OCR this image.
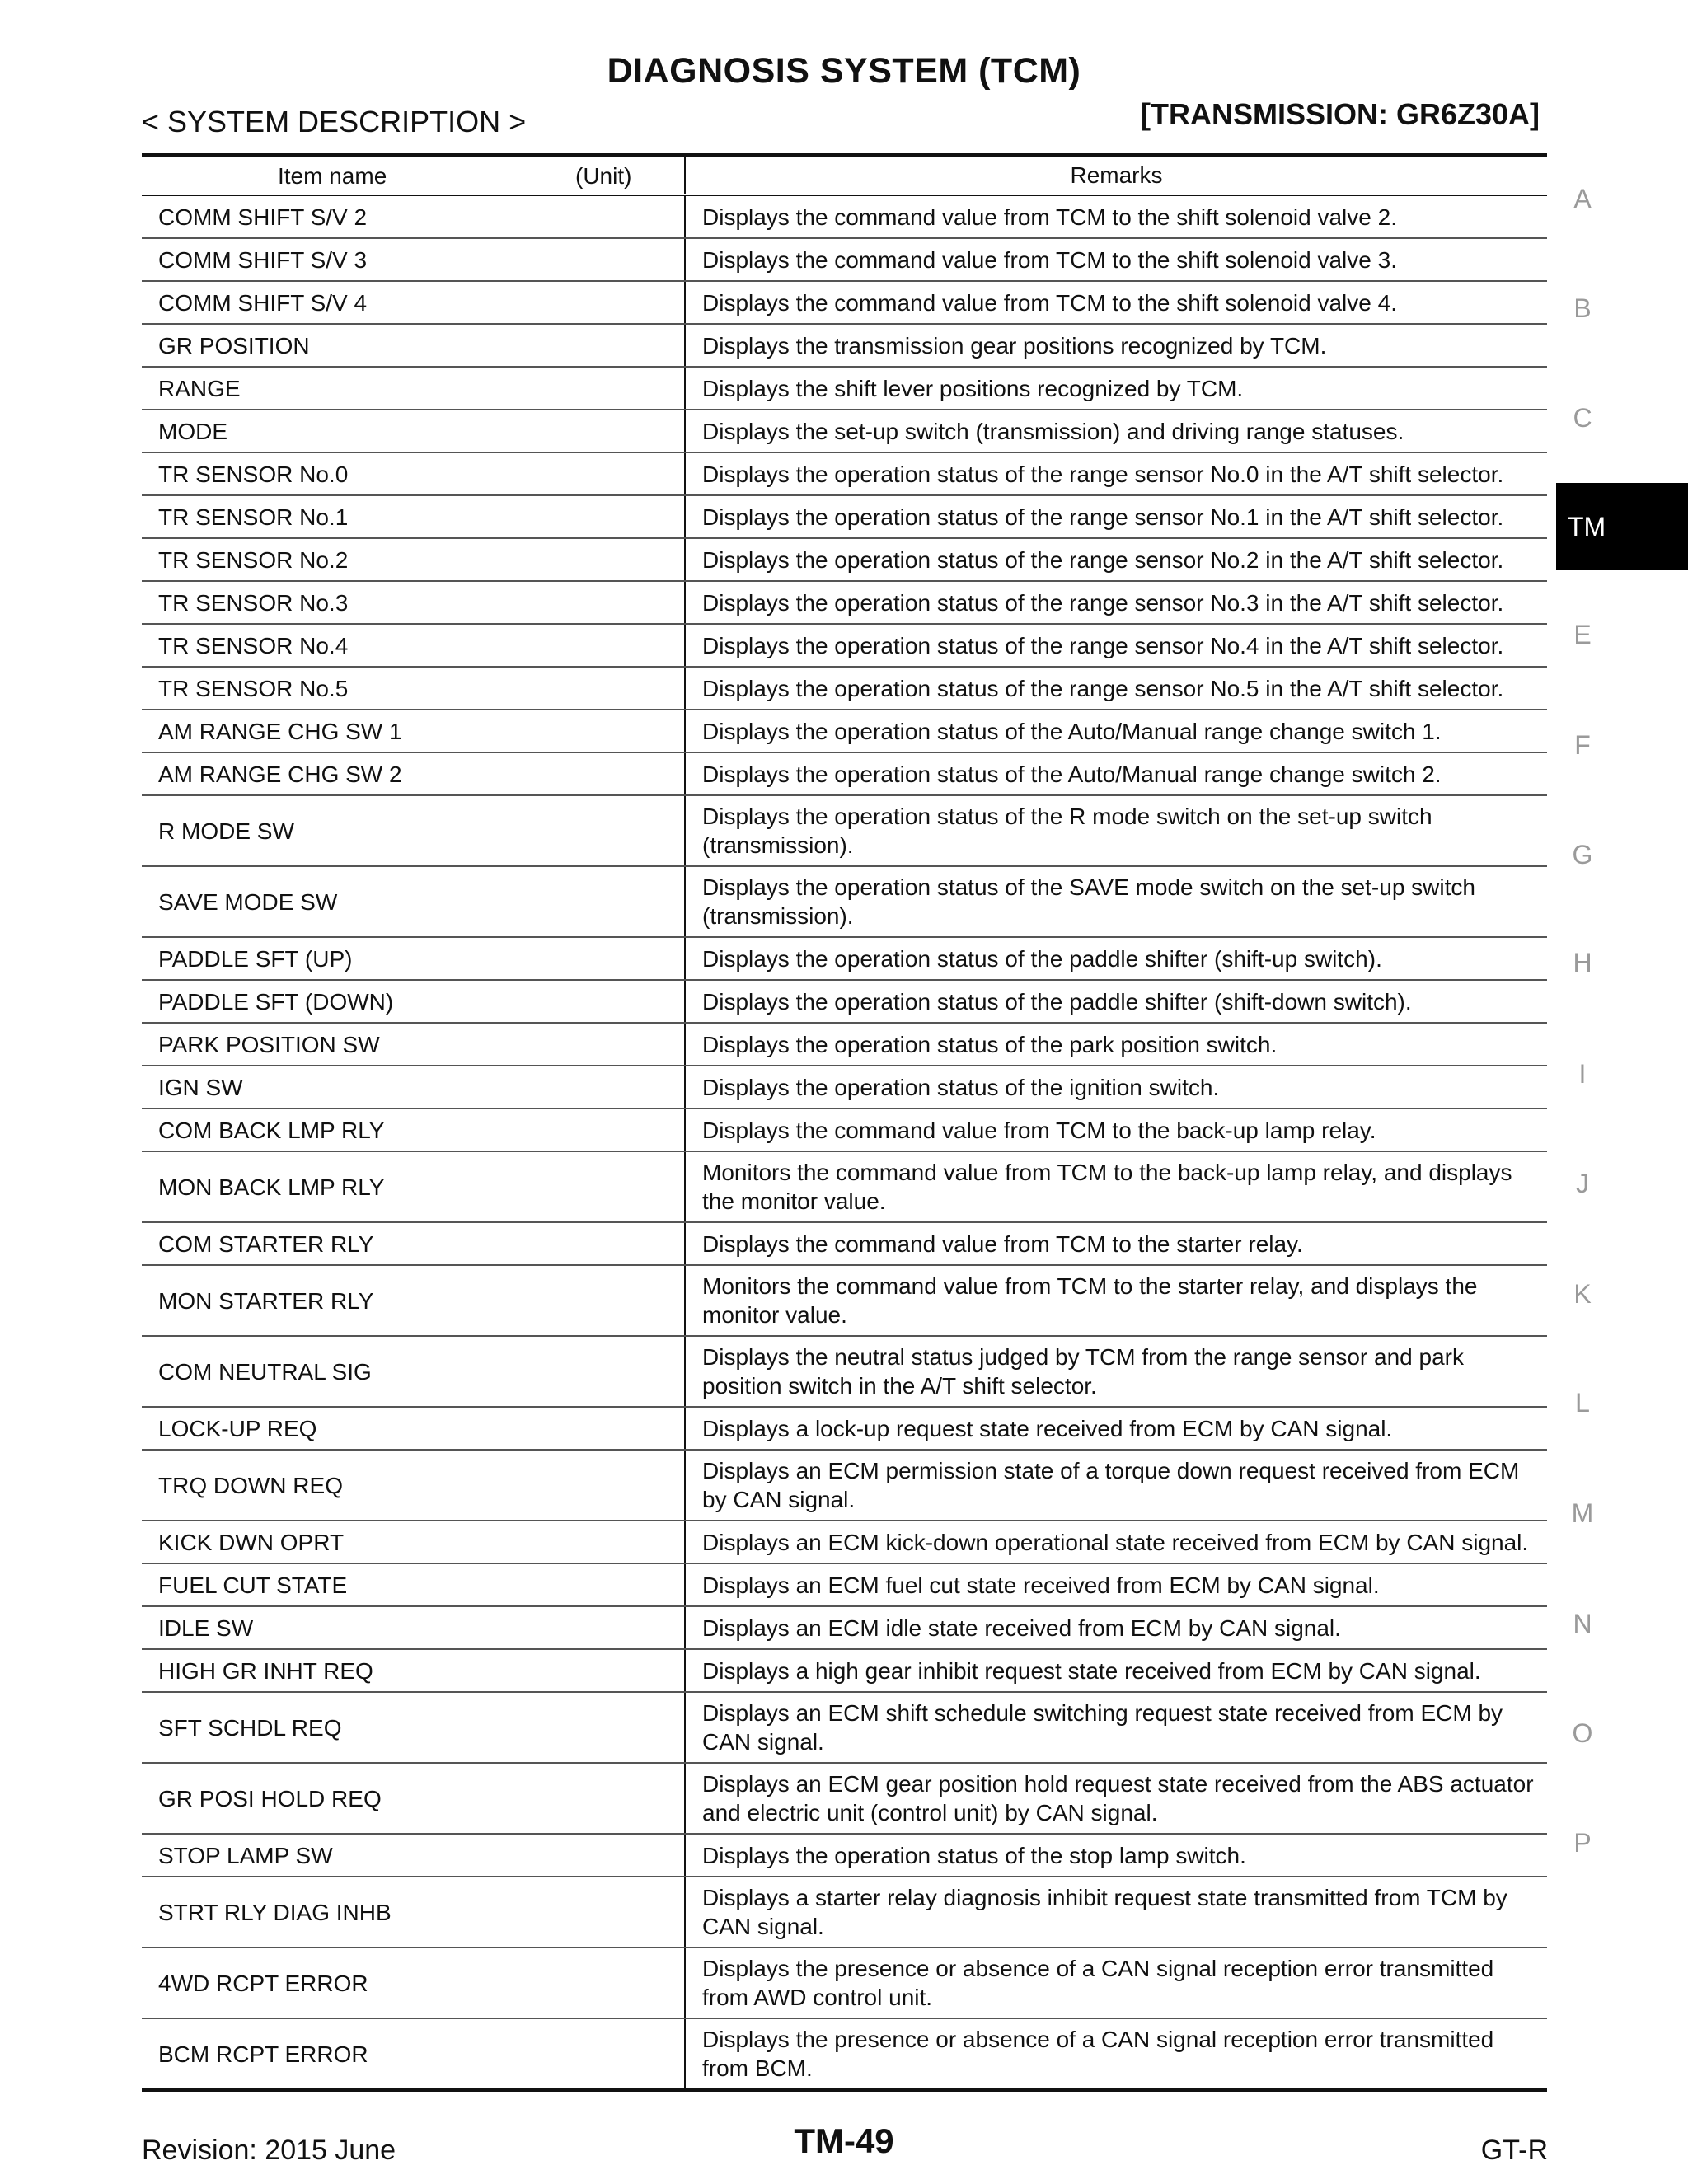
DIAGNOSIS SYSTEM (TCM)
< SYSTEM DESCRIPTION >	[TRANSMISSION: GR6Z30A]
Item name (Unit)	Remarks
COMM SHIFT S/V 2	Displays the command value from TCM to the shift solenoid valve 2.
COMM SHIFT S/V 3	Displays the command value from TCM to the shift solenoid valve 3.
COMM SHIFT S/V 4	Displays the command value from TCM to the shift solenoid valve 4.
GR POSITION	Displays the transmission gear positions recognized by TCM.
RANGE	Displays the shift lever positions recognized by TCM.
MODE	Displays the set-up switch (transmission) and driving range statuses.
TR SENSOR No.0	Displays the operation status of the range sensor No.0 in the A/T shift selector.
TR SENSOR No.1	Displays the operation status of the range sensor No.1 in the A/T shift selector.
TR SENSOR No.2	Displays the operation status of the range sensor No.2 in the A/T shift selector.
TR SENSOR No.3	Displays the operation status of the range sensor No.3 in the A/T shift selector.
TR SENSOR No.4	Displays the operation status of the range sensor No.4 in the A/T shift selector.
TR SENSOR No.5	Displays the operation status of the range sensor No.5 in the A/T shift selector.
AM RANGE CHG SW 1	Displays the operation status of the Auto/Manual range change switch 1.
AM RANGE CHG SW 2	Displays the operation status of the Auto/Manual range change switch 2.
R MODE SW	Displays the operation status of the R mode switch on the set-up switch (transmission).
SAVE MODE SW	Displays the operation status of the SAVE mode switch on the set-up switch (transmission).
PADDLE SFT (UP)	Displays the operation status of the paddle shifter (shift-up switch).
PADDLE SFT (DOWN)	Displays the operation status of the paddle shifter (shift-down switch).
PARK POSITION SW	Displays the operation status of the park position switch.
IGN SW	Displays the operation status of the ignition switch.
COM BACK LMP RLY	Displays the command value from TCM to the back-up lamp relay.
MON BACK LMP RLY	Monitors the command value from TCM to the back-up lamp relay, and displays the monitor value.
COM STARTER RLY	Displays the command value from TCM to the starter relay.
MON STARTER RLY	Monitors the command value from TCM to the starter relay, and displays the monitor value.
COM NEUTRAL SIG	Displays the neutral status judged by TCM from the range sensor and park position switch in the A/T shift selector.
LOCK-UP REQ	Displays a lock-up request state received from ECM by CAN signal.
TRQ DOWN REQ	Displays an ECM permission state of a torque down request received from ECM by CAN signal.
KICK DWN OPRT	Displays an ECM kick-down operational state received from ECM by CAN signal.
FUEL CUT STATE	Displays an ECM fuel cut state received from ECM by CAN signal.
IDLE SW	Displays an ECM idle state received from ECM by CAN signal.
HIGH GR INHT REQ	Displays a high gear inhibit request state received from ECM by CAN signal.
SFT SCHDL REQ	Displays an ECM shift schedule switching request state received from ECM by CAN signal.
GR POSI HOLD REQ	Displays an ECM gear position hold request state received from the ABS actuator and electric unit (control unit) by CAN signal.
STOP LAMP SW	Displays the operation status of the stop lamp switch.
STRT RLY DIAG INHB	Displays a starter relay diagnosis inhibit request state transmitted from TCM by CAN signal.
4WD RCPT ERROR	Displays the presence or absence of a CAN signal reception error transmitted from AWD control unit.
BCM RCPT ERROR	Displays the presence or absence of a CAN signal reception error transmitted from BCM.
A
B
C
TM
E
F
G
H
I
J
K
L
M
N
O
P
Revision: 2015 June	TM-49	GT-R
